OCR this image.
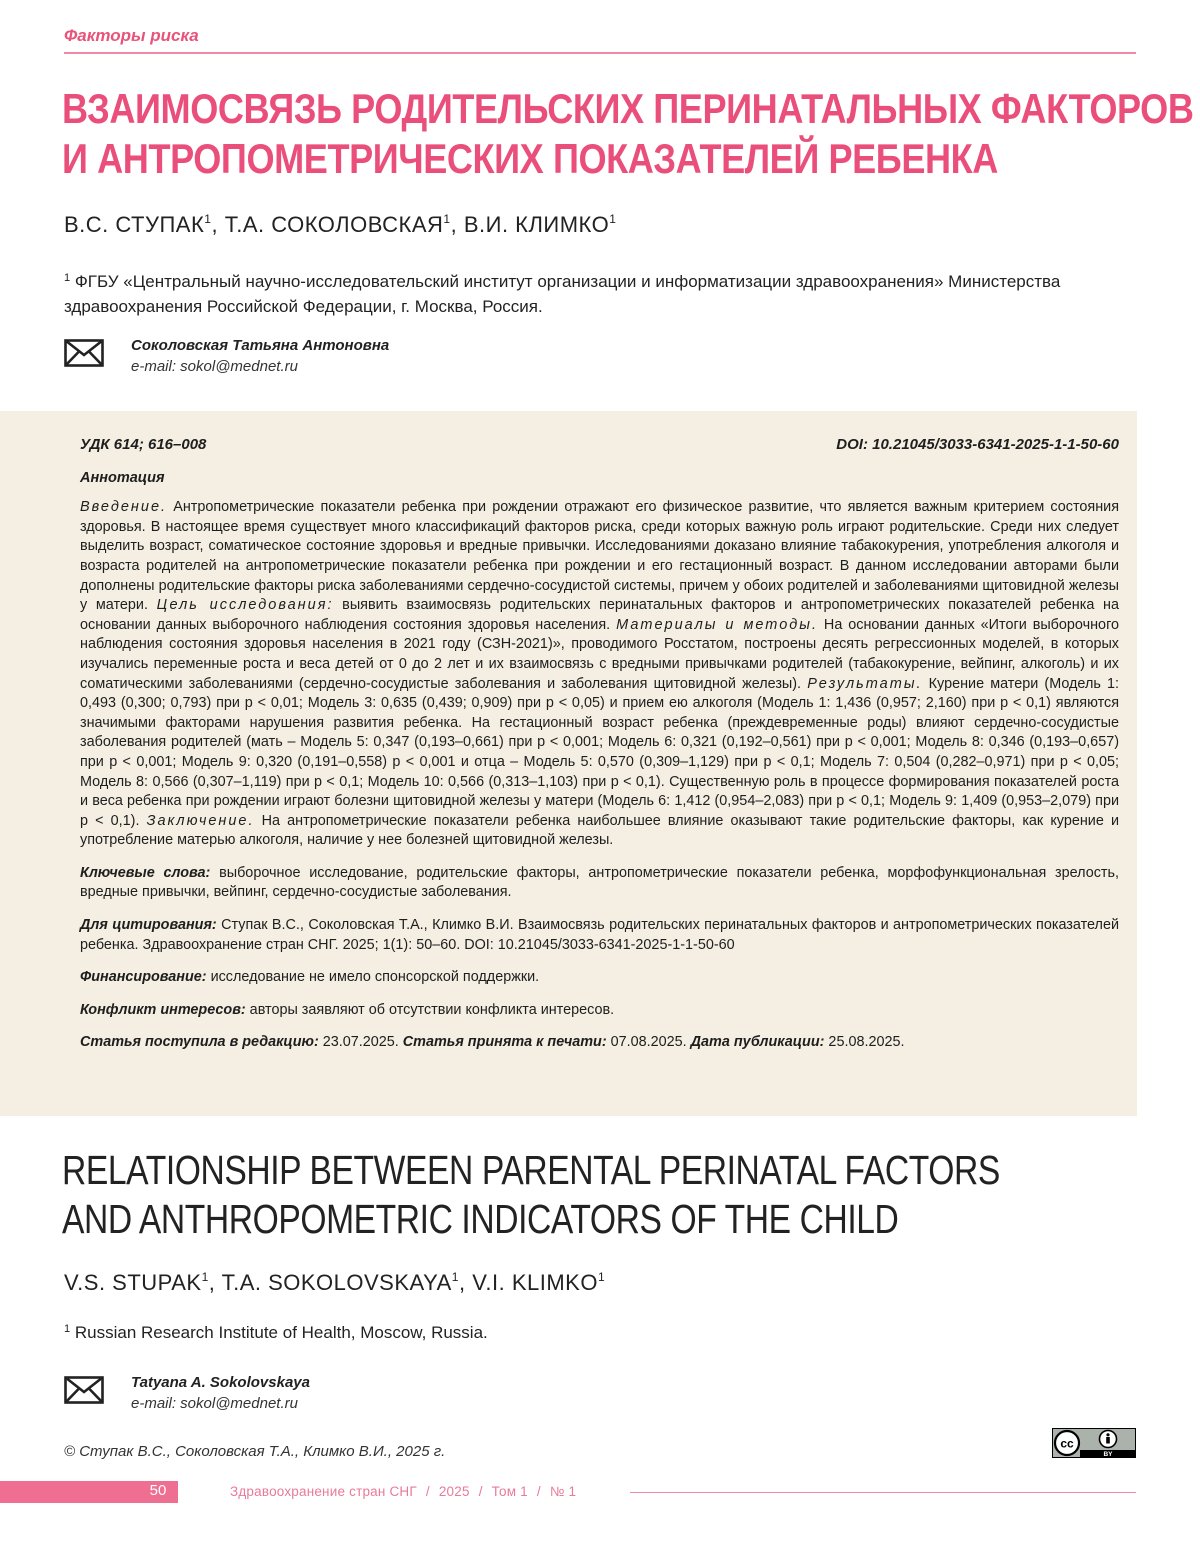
Факторы риска
ВЗАИМОСВЯЗЬ РОДИТЕЛЬСКИХ ПЕРИНАТАЛЬНЫХ ФАКТОРОВ
И АНТРОПОМЕТРИЧЕСКИХ ПОКАЗАТЕЛЕЙ РЕБЕНКА
В.С. СТУПАК$^1$, Т.А. СОКОЛОВСКАЯ$^1$, В.И. КЛИМКО$^1$
$^1$ ФГБУ «Центральный научно-исследовательский институт организации и информатизации здравоохранения» Министерства здравоохранения Российской Федерации, г. Москва, Россия.
Соколовская Татьяна Антоновна
e-mail: sokol@mednet.ru
УДК 614; 616–008	DOI: 10.21045/3033-6341-2025-1-1-50-60
Аннотация
Введение. Антропометрические показатели ребенка при рождении отражают его физическое развитие, что является важным критерием состояния здоровья. В настоящее время существует много классификаций факторов риска, среди которых важную роль играют родительские. Среди них следует выделить возраст, соматическое состояние здоровья и вредные привычки. Исследованиями доказано влияние табакокурения, употребления алкоголя и возраста родителей на антропометрические показатели ребенка при рождении и его гестационный возраст. В данном исследовании авторами были дополнены родительские факторы риска заболеваниями сердечно-сосудистой системы, причем у обоих родителей и заболеваниями щитовидной железы у матери. Цель исследования: выявить взаимосвязь родительских перинатальных факторов и антропометрических показателей ребенка на основании данных выборочного наблюдения состояния здоровья населения. Материалы и методы. На основании данных «Итоги выборочного наблюдения состояния здоровья населения в 2021 году (СЗН-2021)», проводимого Росстатом, построены десять регрессионных моделей, в которых изучались переменные роста и веса детей от 0 до 2 лет и их взаимосвязь с вредными привычками родителей (табакокурение, вейпинг, алкоголь) и их соматическими заболеваниями (сердечно-сосудистые заболевания и заболевания щитовидной железы). Результаты. Курение матери (Модель 1: 0,493 (0,300; 0,793) при p < 0,01; Модель 3: 0,635 (0,439; 0,909) при p < 0,05) и прием ею алкоголя (Модель 1: 1,436 (0,957; 2,160) при p < 0,1) являются значимыми факторами нарушения развития ребенка. На гестационный возраст ребенка (преждевременные роды) влияют сердечно-сосудистые заболевания родителей (мать – Модель 5: 0,347 (0,193–0,661) при p < 0,001; Модель 6: 0,321 (0,192–0,561) при p < 0,001; Модель 8: 0,346 (0,193–0,657) при p < 0,001; Модель 9: 0,320 (0,191–0,558) p < 0,001 и отца – Модель 5: 0,570 (0,309–1,129) при p < 0,1; Модель 7: 0,504 (0,282–0,971) при p < 0,05; Модель 8: 0,566 (0,307–1,119) при p < 0,1; Модель 10: 0,566 (0,313–1,103) при p < 0,1). Существенную роль в процессе формирования показателей роста и веса ребенка при рождении играют болезни щитовидной железы у матери (Модель 6: 1,412 (0,954–2,083) при p < 0,1; Модель 9: 1,409 (0,953–2,079) при p < 0,1). Заключение. На антропометрические показатели ребенка наибольшее влияние оказывают такие родительские факторы, как курение и употребление матерью алкоголя, наличие у нее болезней щитовидной железы.
Ключевые слова: выборочное исследование, родительские факторы, антропометрические показатели ребенка, морфофункциональная зрелость, вредные привычки, вейпинг, сердечно-сосудистые заболевания.
Для цитирования: Ступак В.С., Соколовская Т.А., Климко В.И. Взаимосвязь родительских перинатальных факторов и антропометрических показателей ребенка. Здравоохранение стран СНГ. 2025; 1(1): 50–60. DOI: 10.21045/3033-6341-2025-1-1-50-60
Финансирование: исследование не имело спонсорской поддержки.
Конфликт интересов: авторы заявляют об отсутствии конфликта интересов.
Статья поступила в редакцию: 23.07.2025. Статья принята к печати: 07.08.2025. Дата публикации: 25.08.2025.
RELATIONSHIP BETWEEN PARENTAL PERINATAL FACTORS
AND ANTHROPOMETRIC INDICATORS OF THE CHILD
V.S. STUPAK$^1$, T.A. SOKOLOVSKAYA$^1$, V.I. KLIMKO$^1$
$^1$ Russian Research Institute of Health, Moscow, Russia.
Tatyana A. Sokolovskaya
e-mail: sokol@mednet.ru
© Ступак В.С., Соколовская Т.А., Климко В.И., 2025 г.	cc
BY
50	Здравоохранение стран СНГ / 2025 / Том 1 / № 1
